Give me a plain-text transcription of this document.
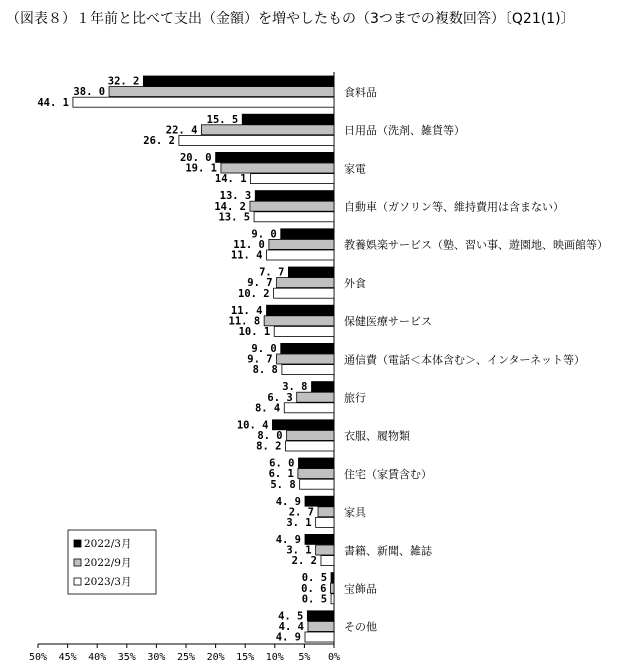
（図表８）１年前と比べて支出（金額）を増やしたもの（3つまでの複数回答）〔Q21(1)〕
50% 45% 40% 35% 30% 25% 20% 15% 10% 5% 0%
32. 2
38. 0
44. 1
食料品
15. 5
22. 4
26. 2
日用品（洗剤、雑貨等）
20. 0
19. 1
14. 1
家電
13. 3
14. 2
13. 5
自動車（ガソリン等、維持費用は含まない）
9. 0
11. 0
11. 4
教養娯楽サービス（塾、習い事、遊園地、映画館等）
7. 7
9. 7
10. 2
外食
11. 4
11. 8
10. 1
保健医療サービス
9. 0
9. 7
8. 8
通信費（電話＜本体含む＞、インターネット等）
3. 8
6. 3
8. 4
旅行
10. 4
8. 0
8. 2
衣服、履物類
6. 0
6. 1
5. 8
住宅（家賃含む）
4. 9
2. 7
3. 1
家具
4. 9
3. 1
2. 2
書籍、新聞、雑誌
0. 5
0. 6
0. 5
宝飾品
4. 5
4. 4
4. 9
その他
2022/3月
2022/9月
2023/3月
